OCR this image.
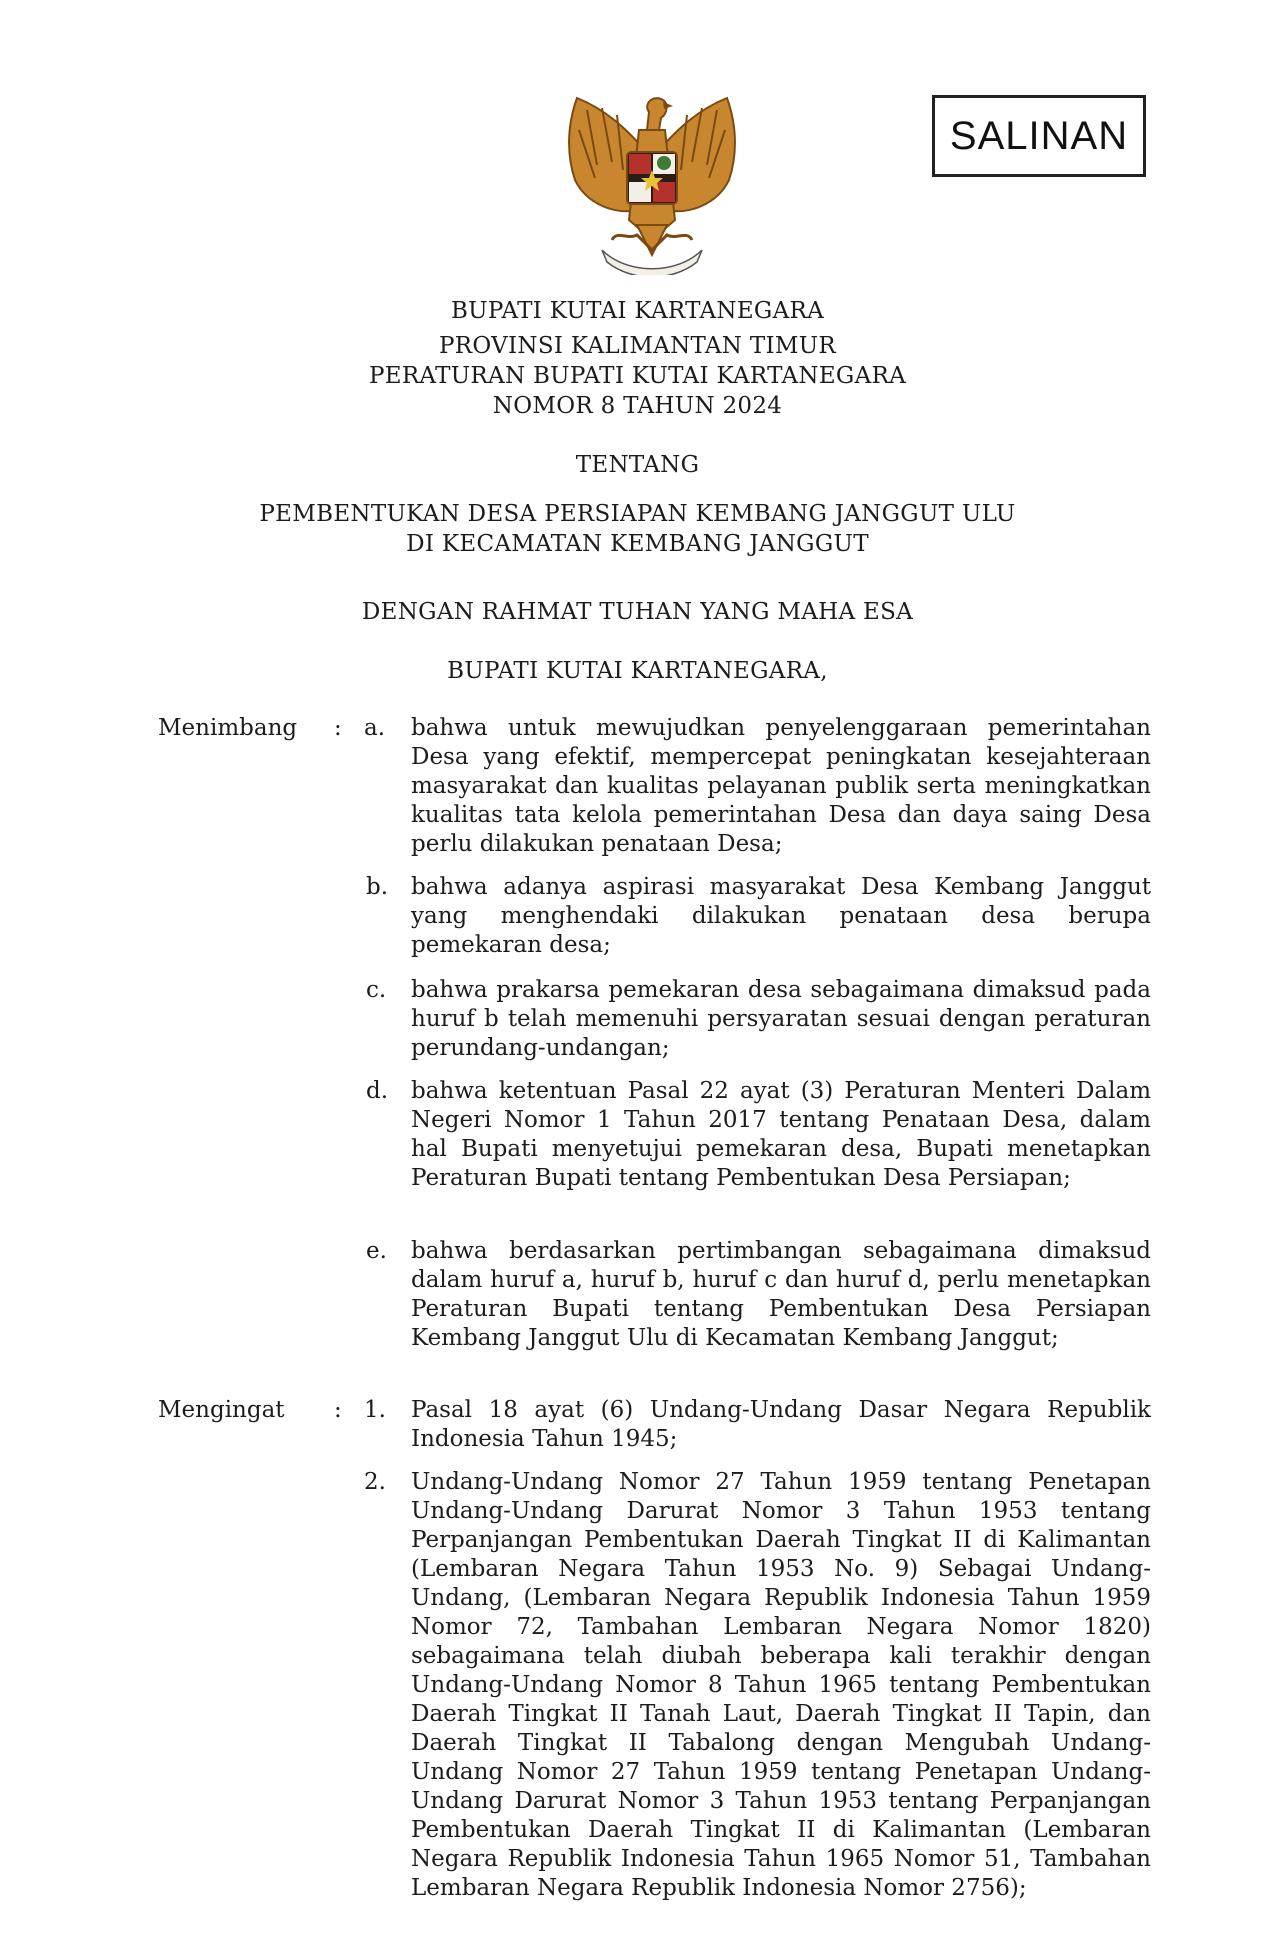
SALINAN
BUPATI KUTAI KARTANEGARA
PROVINSI KALIMANTAN TIMUR
PERATURAN BUPATI KUTAI KARTANEGARA
NOMOR 8 TAHUN 2024
TENTANG
PEMBENTUKAN DESA PERSIAPAN KEMBANG JANGGUT ULU
DI KECAMATAN KEMBANG JANGGUT
DENGAN RAHMAT TUHAN YANG MAHA ESA
BUPATI KUTAI KARTANEGARA,
Menimbang : a. bahwa untuk mewujudkan penyelenggaraan pemerintahan Desa yang efektif, mempercepat peningkatan kesejahteraan masyarakat dan kualitas pelayanan publik serta meningkatkan kualitas tata kelola pemerintahan Desa dan daya saing Desa perlu dilakukan penataan Desa;
b. bahwa adanya aspirasi masyarakat Desa Kembang Janggut yang menghendaki dilakukan penataan desa berupa pemekaran desa;
c. bahwa prakarsa pemekaran desa sebagaimana dimaksud pada huruf b telah memenuhi persyaratan sesuai dengan peraturan perundang-undangan;
d. bahwa ketentuan Pasal 22 ayat (3) Peraturan Menteri Dalam Negeri Nomor 1 Tahun 2017 tentang Penataan Desa, dalam hal Bupati menyetujui pemekaran desa, Bupati menetapkan Peraturan Bupati tentang Pembentukan Desa Persiapan;
e. bahwa berdasarkan pertimbangan sebagaimana dimaksud dalam huruf a, huruf b, huruf c dan huruf d, perlu menetapkan Peraturan Bupati tentang Pembentukan Desa Persiapan Kembang Janggut Ulu di Kecamatan Kembang Janggut;
Mengingat : 1. Pasal 18 ayat (6) Undang-Undang Dasar Negara Republik Indonesia Tahun 1945;
2. Undang-Undang Nomor 27 Tahun 1959 tentang Penetapan Undang-Undang Darurat Nomor 3 Tahun 1953 tentang Perpanjangan Pembentukan Daerah Tingkat II di Kalimantan (Lembaran Negara Tahun 1953 No. 9) Sebagai Undang-Undang, (Lembaran Negara Republik Indonesia Tahun 1959 Nomor 72, Tambahan Lembaran Negara Nomor 1820) sebagaimana telah diubah beberapa kali terakhir dengan Undang-Undang Nomor 8 Tahun 1965 tentang Pembentukan Daerah Tingkat II Tanah Laut, Daerah Tingkat II Tapin, dan Daerah Tingkat II Tabalong dengan Mengubah Undang-Undang Nomor 27 Tahun 1959 tentang Penetapan Undang-Undang Darurat Nomor 3 Tahun 1953 tentang Perpanjangan Pembentukan Daerah Tingkat II di Kalimantan (Lembaran Negara Republik Indonesia Tahun 1965 Nomor 51, Tambahan Lembaran Negara Republik Indonesia Nomor 2756);
